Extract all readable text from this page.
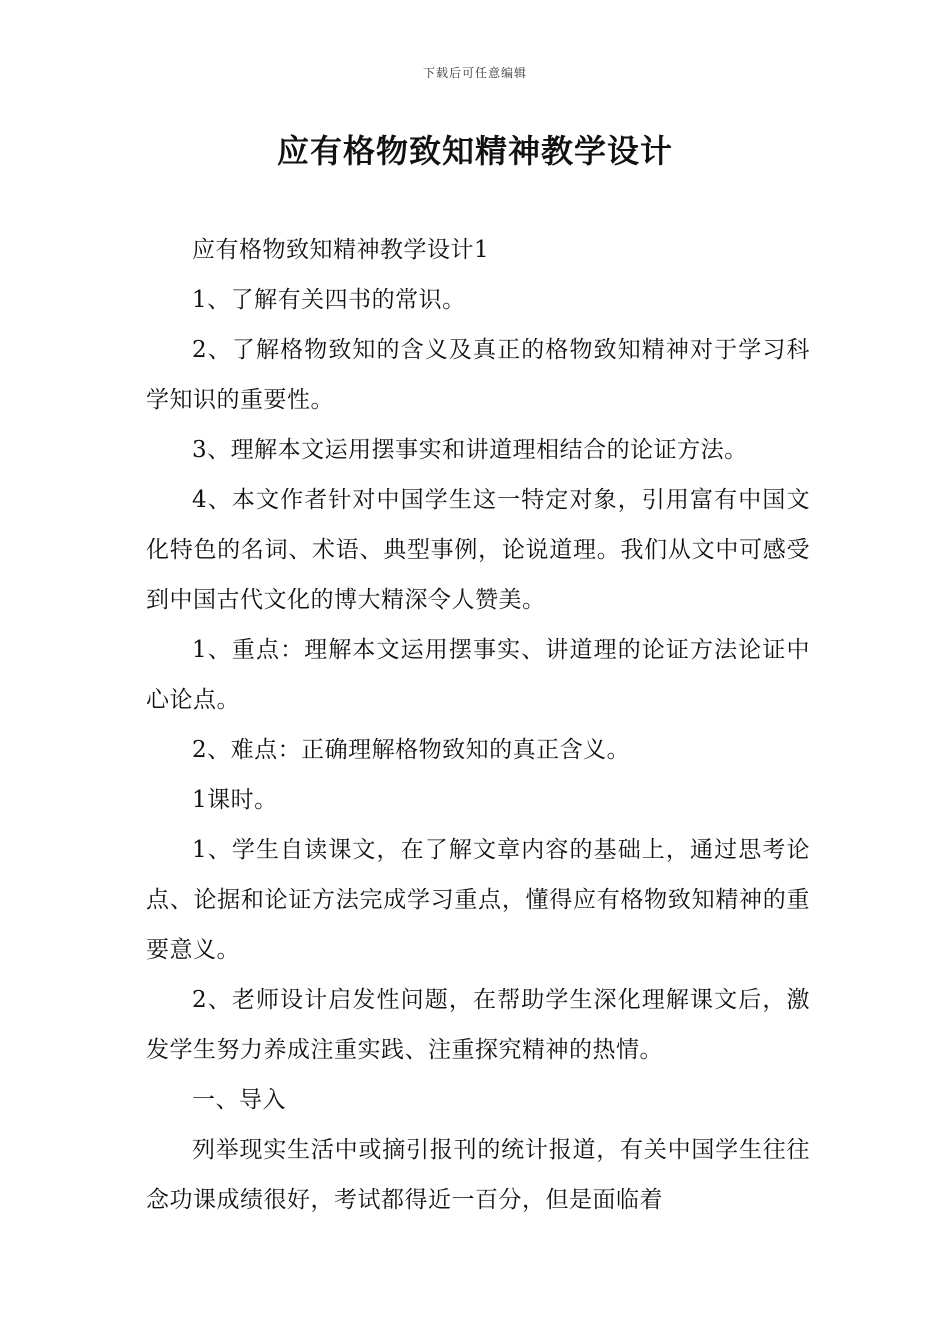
下载后可任意编辑
应有格物致知精神教学设计

应有格物致知精神教学设计1

1、了解有关四书的常识。

2、了解格物致知的含义及真正的格物致知精神对于学习科学知识的重要性。

3、理解本文运用摆事实和讲道理相结合的论证方法。

4、本文作者针对中国学生这一特定对象，引用富有中国文化特色的名词、术语、典型事例，论说道理。我们从文中可感受到中国古代文化的博大精深令人赞美。

1、重点：理解本文运用摆事实、讲道理的论证方法论证中心论点。

2、难点：正确理解格物致知的真正含义。

1课时。

1、学生自读课文，在了解文章内容的基础上，通过思考论点、论据和论证方法完成学习重点，懂得应有格物致知精神的重要意义。

2、老师设计启发性问题，在帮助学生深化理解课文后，激发学生努力养成注重实践、注重探究精神的热情。

一、导入

列举现实生活中或摘引报刊的统计报道，有关中国学生往往念功课成绩很好，考试都得近一百分，但是面临着
